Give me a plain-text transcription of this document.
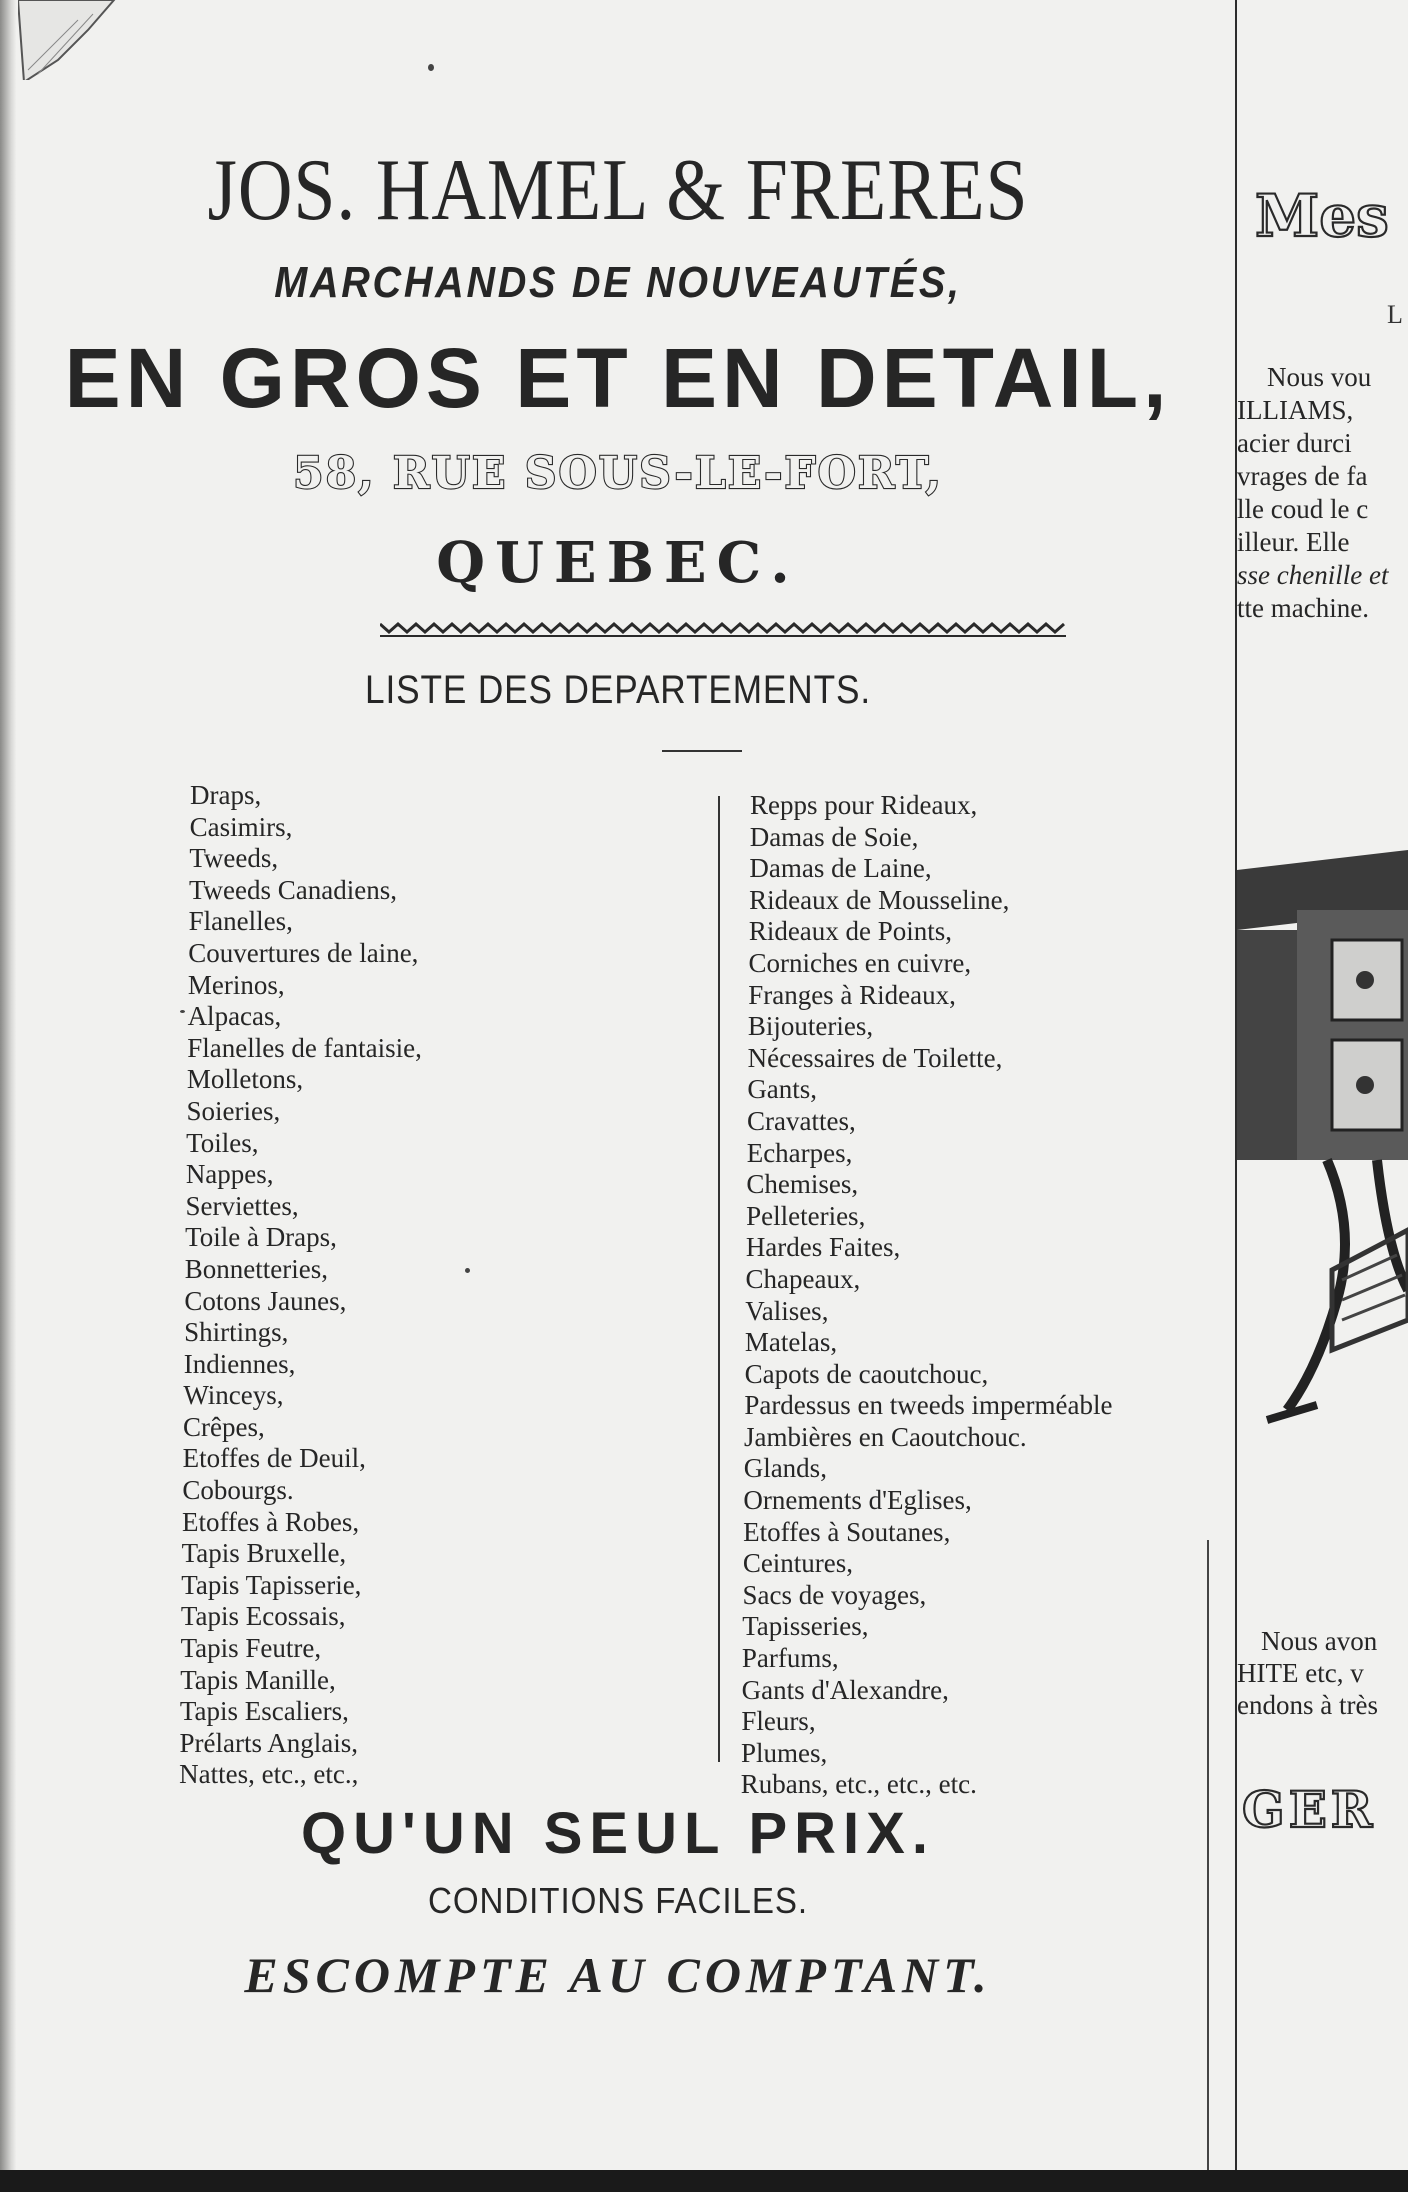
JOS. HAMEL & FRERES
MARCHANDS DE NOUVEAUTÉS,
EN GROS ET EN DETAIL,
58, RUE SOUS-LE-FORT,
QUEBEC.
LISTE DES DEPARTEMENTS.
Draps,
Casimirs,
Tweeds,
Tweeds Canadiens,
Flanelles,
Couvertures de laine,
Merinos,
Alpacas,
Flanelles de fantaisie,
Molletons,
Soieries,
Toiles,
Nappes,
Serviettes,
Toile à Draps,
Bonnetteries,
Cotons Jaunes,
Shirtings,
Indiennes,
Winceys,
Crêpes,
Etoffes de Deuil,
Cobourgs.
Etoffes à Robes,
Tapis Bruxelle,
Tapis Tapisserie,
Tapis Ecossais,
Tapis Feutre,
Tapis Manille,
Tapis Escaliers,
Prélarts Anglais,
Nattes, etc., etc.,
Repps pour Rideaux,
Damas de Soie,
Damas de Laine,
Rideaux de Mousseline,
Rideaux de Points,
Corniches en cuivre,
Franges à Rideaux,
Bijouteries,
Nécessaires de Toilette,
Gants,
Cravattes,
Echarpes,
Chemises,
Pelleteries,
Hardes Faites,
Chapeaux,
Valises,
Matelas,
Capots de caoutchouc,
Pardessus en tweeds imperméable
Jambières en Caoutchouc.
Glands,
Ornements d'Eglises,
Etoffes à Soutanes,
Ceintures,
Sacs de voyages,
Tapisseries,
Parfums,
Gants d'Alexandre,
Fleurs,
Plumes,
Rubans, etc., etc., etc.
QU'UN SEUL PRIX.
CONDITIONS FACILES.
ESCOMPTE AU COMPTANT.
Mes
L
Nous vou
ILLIAMS,
acier durci
vrages de fa
lle coud le c
illeur. Elle
sse chenille et
tte machine.
Nous avon
HITE etc, v
endons à très
GER
